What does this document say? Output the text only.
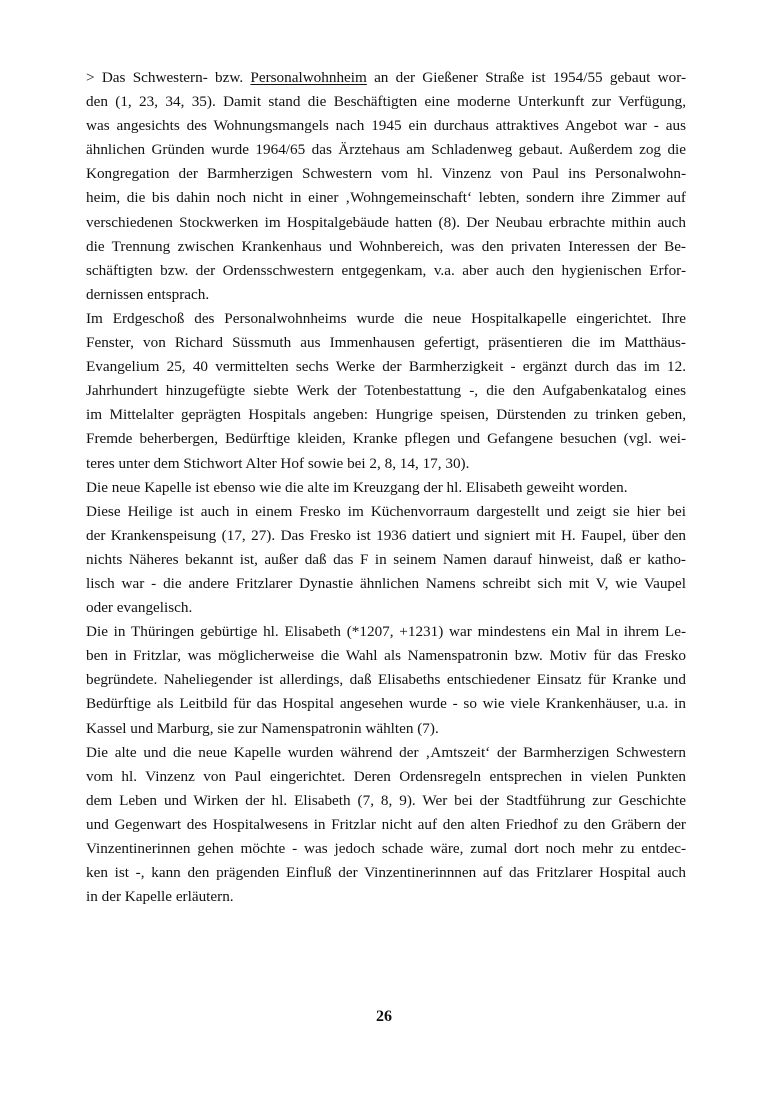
> Das Schwestern- bzw. Personalwohnheim an der Gießener Straße ist 1954/55 gebaut wor-
den (1, 23, 34, 35). Damit stand die Beschäftigten eine moderne Unterkunft zur Verfügung,
was angesichts des Wohnungsmangels nach 1945 ein durchaus attraktives Angebot war - aus
ähnlichen Gründen wurde 1964/65 das Ärztehaus am Schladenweg gebaut. Außerdem zog die
Kongregation der Barmherzigen Schwestern vom hl. Vinzenz von Paul ins Personalwohn-
heim, die bis dahin noch nicht in einer ‚Wohngemeinschaft‘ lebten, sondern ihre Zimmer auf
verschiedenen Stockwerken im Hospitalgebäude hatten (8). Der Neubau erbrachte mithin auch
die Trennung zwischen Krankenhaus und Wohnbereich, was den privaten Interessen der Be-
schäftigten bzw. der Ordensschwestern entgegenkam, v.a. aber auch den hygienischen Erfor-
dernissen entsprach.
Im Erdgeschoß des Personalwohnheims wurde die neue Hospitalkapelle eingerichtet. Ihre
Fenster, von Richard Süssmuth aus Immenhausen gefertigt, präsentieren die im Matthäus-
Evangelium 25, 40 vermittelten sechs Werke der Barmherzigkeit - ergänzt durch das im 12.
Jahrhundert hinzugefügte siebte Werk der Totenbestattung -, die den Aufgabenkatalog eines
im Mittelalter geprägten Hospitals angeben: Hungrige speisen, Dürstenden zu trinken geben,
Fremde beherbergen, Bedürftige kleiden, Kranke pflegen und Gefangene besuchen (vgl. wei-
teres unter dem Stichwort Alter Hof sowie bei 2, 8, 14, 17, 30).
Die neue Kapelle ist ebenso wie die alte im Kreuzgang der hl. Elisabeth geweiht worden.
Diese Heilige ist auch in einem Fresko im Küchenvorraum dargestellt und zeigt sie hier bei
der Krankenspeisung (17, 27). Das Fresko ist 1936 datiert und signiert mit H. Faupel, über den
nichts Näheres bekannt ist, außer daß das F in seinem Namen darauf hinweist, daß er katho-
lisch war - die andere Fritzlarer Dynastie ähnlichen Namens schreibt sich mit V, wie Vaupel
oder evangelisch.
Die in Thüringen gebürtige hl. Elisabeth (*1207, +1231) war mindestens ein Mal in ihrem Le-
ben in Fritzlar, was möglicherweise die Wahl als Namenspatronin bzw. Motiv für das Fresko
begründete. Naheliegender ist allerdings, daß Elisabeths entschiedener Einsatz für Kranke und
Bedürftige als Leitbild für das Hospital angesehen wurde - so wie viele Krankenhäuser, u.a. in
Kassel und Marburg, sie zur Namenspatronin wählten (7).
Die alte und die neue Kapelle wurden während der ‚Amtszeit‘ der Barmherzigen Schwestern
vom hl. Vinzenz von Paul eingerichtet. Deren Ordensregeln entsprechen in vielen Punkten
dem Leben und Wirken der hl. Elisabeth (7, 8, 9). Wer bei der Stadtführung zur Geschichte
und Gegenwart des Hospitalwesens in Fritzlar nicht auf den alten Friedhof zu den Gräbern der
Vinzentinerinnen gehen möchte - was jedoch schade wäre, zumal dort noch mehr zu entdec-
ken ist -, kann den prägenden Einfluß der Vinzentinerinnnen auf das Fritzlarer Hospital auch
in der Kapelle erläutern.
26
